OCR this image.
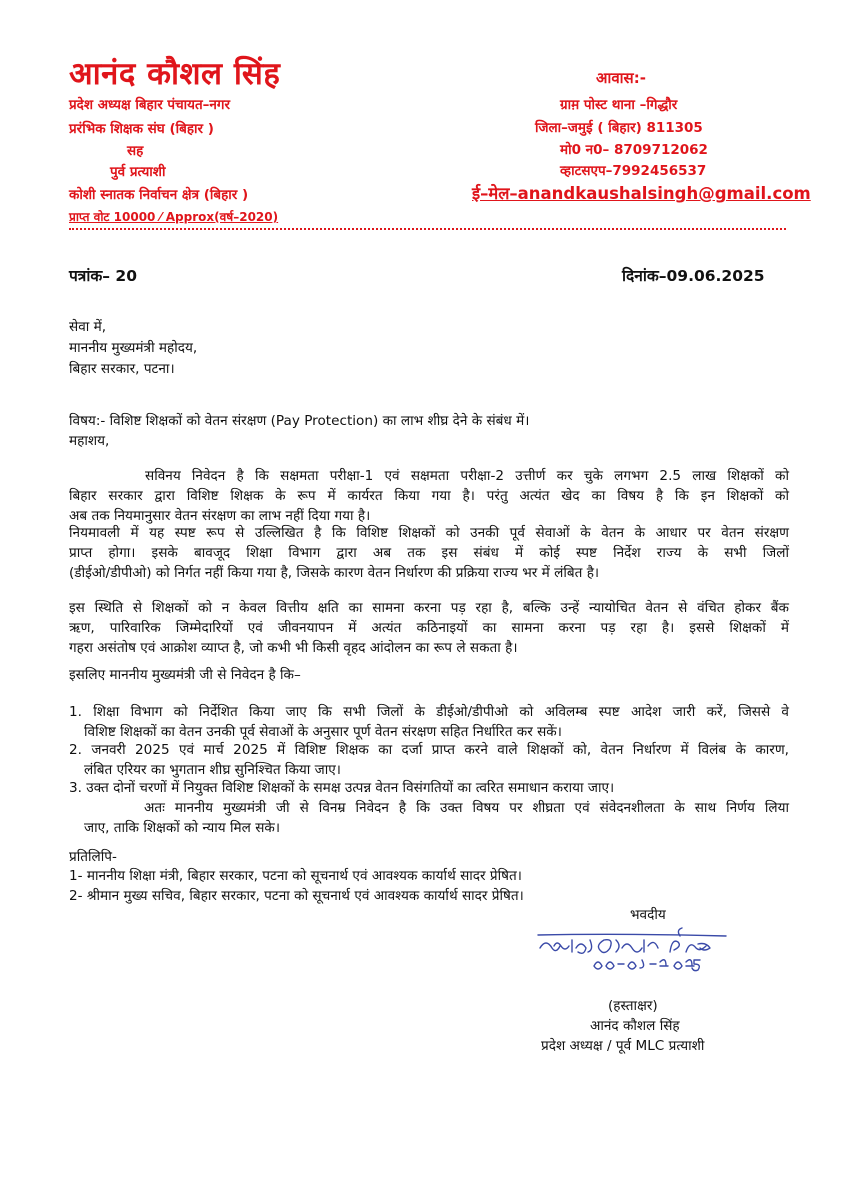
आनंद कौशल सिंह
प्रदेश अध्यक्ष बिहार पंचायत–नगर
प्ररंभिक शिक्षक संघ (बिहार )
सह
पुर्व प्रत्याशी
कोशी स्नातक निर्वाचन क्षेत्र (बिहार )
प्राप्त वोट 10000 ⁄ Approx(वर्ष–2020)
आवास:-
ग्राम़ पोस्ट थाना –गिद्धौर
जिला–जमुई ( बिहार) 811305
मो0 न0– 8709712062
व्हाटसएप–7992456537
ई–मेल–anandkaushalsingh@gmail.com
पत्रांक– 20	दिनांक–09.06.2025
सेवा में,
माननीय मुख्यमंत्री महोदय,
बिहार सरकार, पटना।
विषय:- विशिष्ट शिक्षकों को वेतन संरक्षण (Pay Protection) का लाभ शीघ्र देने के संबंध में।
महाशय,
सविनय निवेदन है कि सक्षमता परीक्षा-1 एवं सक्षमता परीक्षा-2 उत्तीर्ण कर चुके लगभग 2.5 लाख शिक्षकों को
बिहार सरकार द्वारा विशिष्ट शिक्षक के रूप में कार्यरत किया गया है। परंतु अत्यंत खेद का विषय है कि इन शिक्षकों को
अब तक नियमानुसार वेतन संरक्षण का लाभ नहीं दिया गया है।
नियमावली में यह स्पष्ट रूप से उल्लिखित है कि विशिष्ट शिक्षकों को उनकी पूर्व सेवाओं के वेतन के आधार पर वेतन संरक्षण
प्राप्त होगा। इसके बावजूद शिक्षा विभाग द्वारा अब तक इस संबंध में कोई स्पष्ट निर्देश राज्य के सभी जिलों
(डीईओ/डीपीओ) को निर्गत नहीं किया गया है, जिसके कारण वेतन निर्धारण की प्रक्रिया राज्य भर में लंबित है।
इस स्थिति से शिक्षकों को न केवल वित्तीय क्षति का सामना करना पड़ रहा है, बल्कि उन्हें न्यायोचित वेतन से वंचित होकर बैंक
ऋण, पारिवारिक जिम्मेदारियों एवं जीवनयापन में अत्यंत कठिनाइयों का सामना करना पड़ रहा है। इससे शिक्षकों में
गहरा असंतोष एवं आक्रोश व्याप्त है, जो कभी भी किसी वृहद आंदोलन का रूप ले सकता है।
इसलिए माननीय मुख्यमंत्री जी से निवेदन है कि–
1. शिक्षा विभाग को निर्देशित किया जाए कि सभी जिलों के डीईओ/डीपीओ को अविलम्ब स्पष्ट आदेश जारी करें, जिससे वे
विशिष्ट शिक्षकों का वेतन उनकी पूर्व सेवाओं के अनुसार पूर्ण वेतन संरक्षण सहित निर्धारित कर सकें।
2. जनवरी 2025 एवं मार्च 2025 में विशिष्ट शिक्षक का दर्जा प्राप्त करने वाले शिक्षकों को, वेतन निर्धारण में विलंब के कारण,
लंबित एरियर का भुगतान शीघ्र सुनिश्चित किया जाए।
3. उक्त दोनों चरणों में नियुक्त विशिष्ट शिक्षकों के समक्ष उत्पन्न वेतन विसंगतियों का त्वरित समाधान कराया जाए।
अतः माननीय मुख्यमंत्री जी से विनम्र निवेदन है कि उक्त विषय पर शीघ्रता एवं संवेदनशीलता के साथ निर्णय लिया
जाए, ताकि शिक्षकों को न्याय मिल सके।
प्रतिलिपि-
1- माननीय शिक्षा मंत्री, बिहार सरकार, पटना को सूचनार्थ एवं आवश्यक कार्यार्थ सादर प्रेषित।
2- श्रीमान मुख्य सचिव, बिहार सरकार, पटना को सूचनार्थ एवं आवश्यक कार्यार्थ सादर प्रेषित।
भवदीय
(हस्ताक्षर)
आनंद कौशल सिंह
प्रदेश अध्यक्ष / पूर्व MLC प्रत्याशी
